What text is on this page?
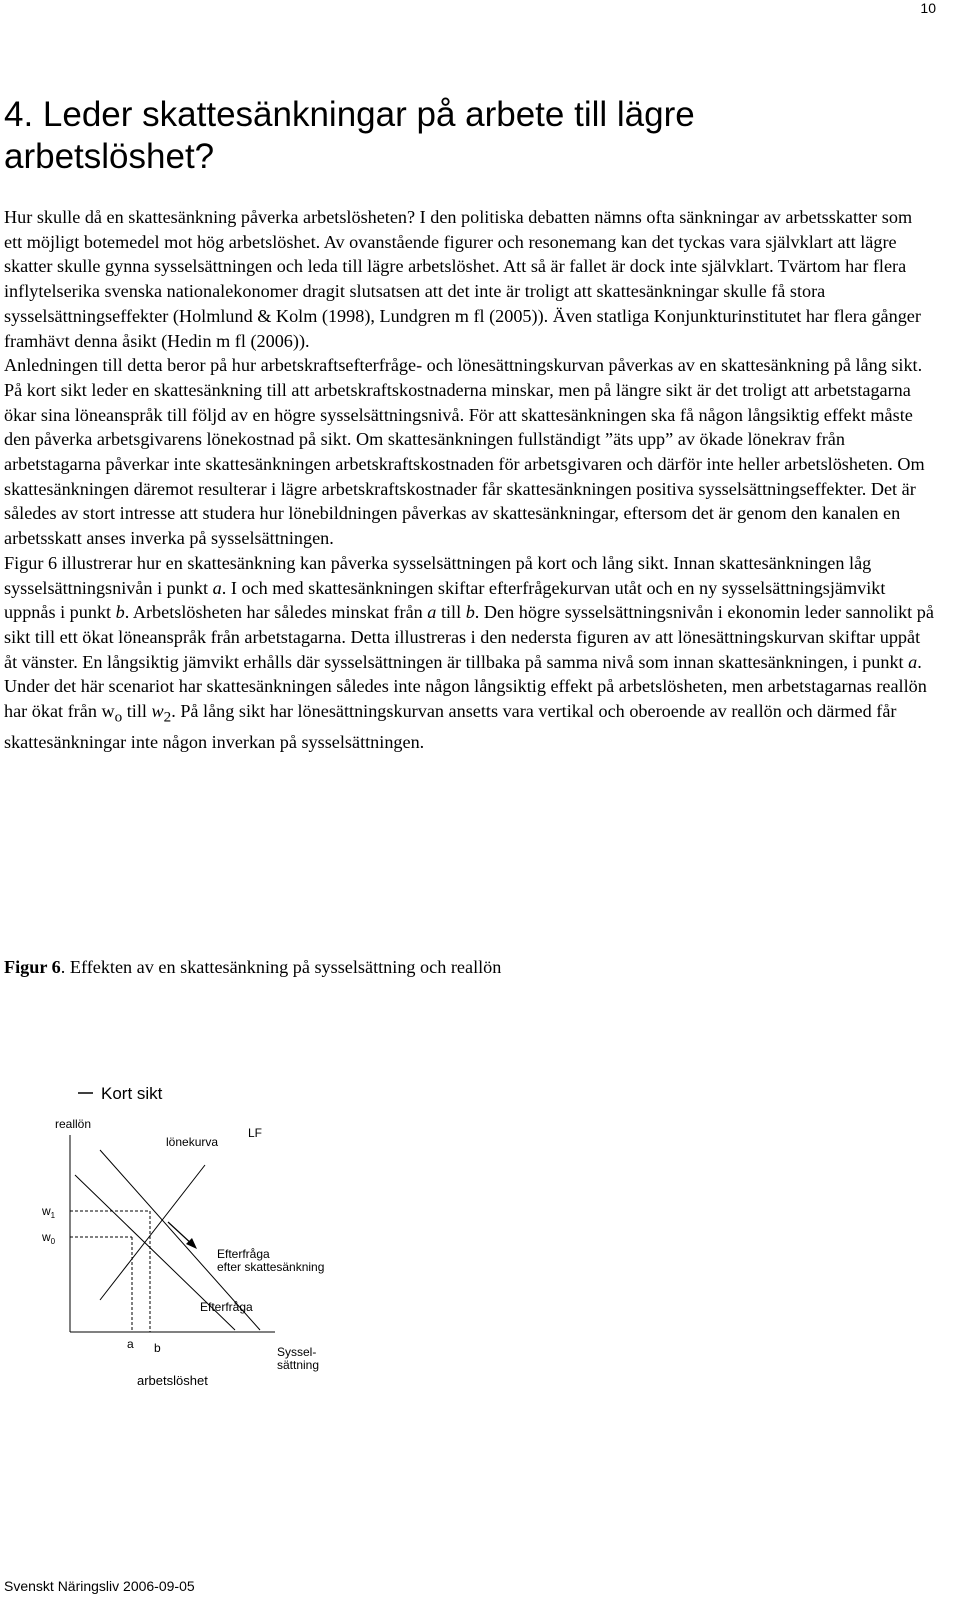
10
4. Leder skattesänkningar på arbete till lägre arbetslöshet?

Hur skulle då en skattesänkning påverka arbetslösheten? I den politiska debatten nämns ofta sänkningar av arbetsskatter som ett möjligt botemedel mot hög arbetslöshet. Av ovanstående figurer och resonemang kan det tyckas vara självklart att lägre skatter skulle gynna sysselsättningen och leda till lägre arbetslöshet. Att så är fallet är dock inte självklart. Tvärtom har flera inflytelserika svenska nationalekonomer dragit slutsatsen att det inte är troligt att skattesänkningar skulle få stora sysselsättningseffekter (Holmlund & Kolm (1998), Lundgren m fl (2005)). Även statliga Konjunkturinstitutet har flera gånger framhävt denna åsikt (Hedin m fl (2006)).

Anledningen till detta beror på hur arbetskraftsefterfråge- och lönesättningskurvan påverkas av en skattesänkning på lång sikt. På kort sikt leder en skattesänkning till att arbetskraftskostnaderna minskar, men på längre sikt är det troligt att arbetstagarna ökar sina löneanspråk till följd av en högre sysselsättningsnivå. För att skattesänkningen ska få någon långsiktig effekt måste den påverka arbetsgivarens lönekostnad på sikt. Om skattesänkningen fullständigt ”äts upp” av ökade lönekrav från arbetstagarna påverkar inte skattesänkningen arbetskraftskostnaden för arbetsgivaren och därför inte heller arbetslösheten. Om skattesänkningen däremot resulterar i lägre arbetskraftskostnader får skattesänkningen positiva sysselsättningseffekter. Det är således av stort intresse att studera hur lönebildningen påverkas av skattesänkningar, eftersom det är genom den kanalen en arbetsskatt anses inverka på sysselsättningen.

Figur 6 illustrerar hur en skattesänkning kan påverka sysselsättningen på kort och lång sikt. Innan skattesänkningen låg sysselsättningsnivån i punkt a. I och med skattesänkningen skiftar efterfrågekurvan utåt och en ny sysselsättningsjämvikt uppnås i punkt b. Arbetslösheten har således minskat från a till b. Den högre sysselsättningsnivån i ekonomin leder sannolikt på sikt till ett ökat löneanspråk från arbetstagarna. Detta illustreras i den nedersta figuren av att lönesättningskurvan skiftar uppåt åt vänster. En långsiktig jämvikt erhålls där sysselsättningen är tillbaka på samma nivå som innan skattesänkningen, i punkt a. Under det här scenariot har skattesänkningen således inte någon långsiktig effekt på arbetslösheten, men arbetstagarnas reallön har ökat från $w_o$ till $w_2$. På lång sikt har lönesättningskurvan ansetts vara vertikal och oberoende av reallön och därmed får skattesänkningar inte någon inverkan på sysselsättningen.

Figur 6. Effekten av en skattesänkning på sysselsättning och reallön
Kort sikt
reallön
lönekurva
LF
$w_1$
$w_0$
Efterfråga
efter skattesänkning
Efterfråga
a b	Syssel-
sättning
arbetslöshet
Svenskt Näringsliv 2006-09-05
